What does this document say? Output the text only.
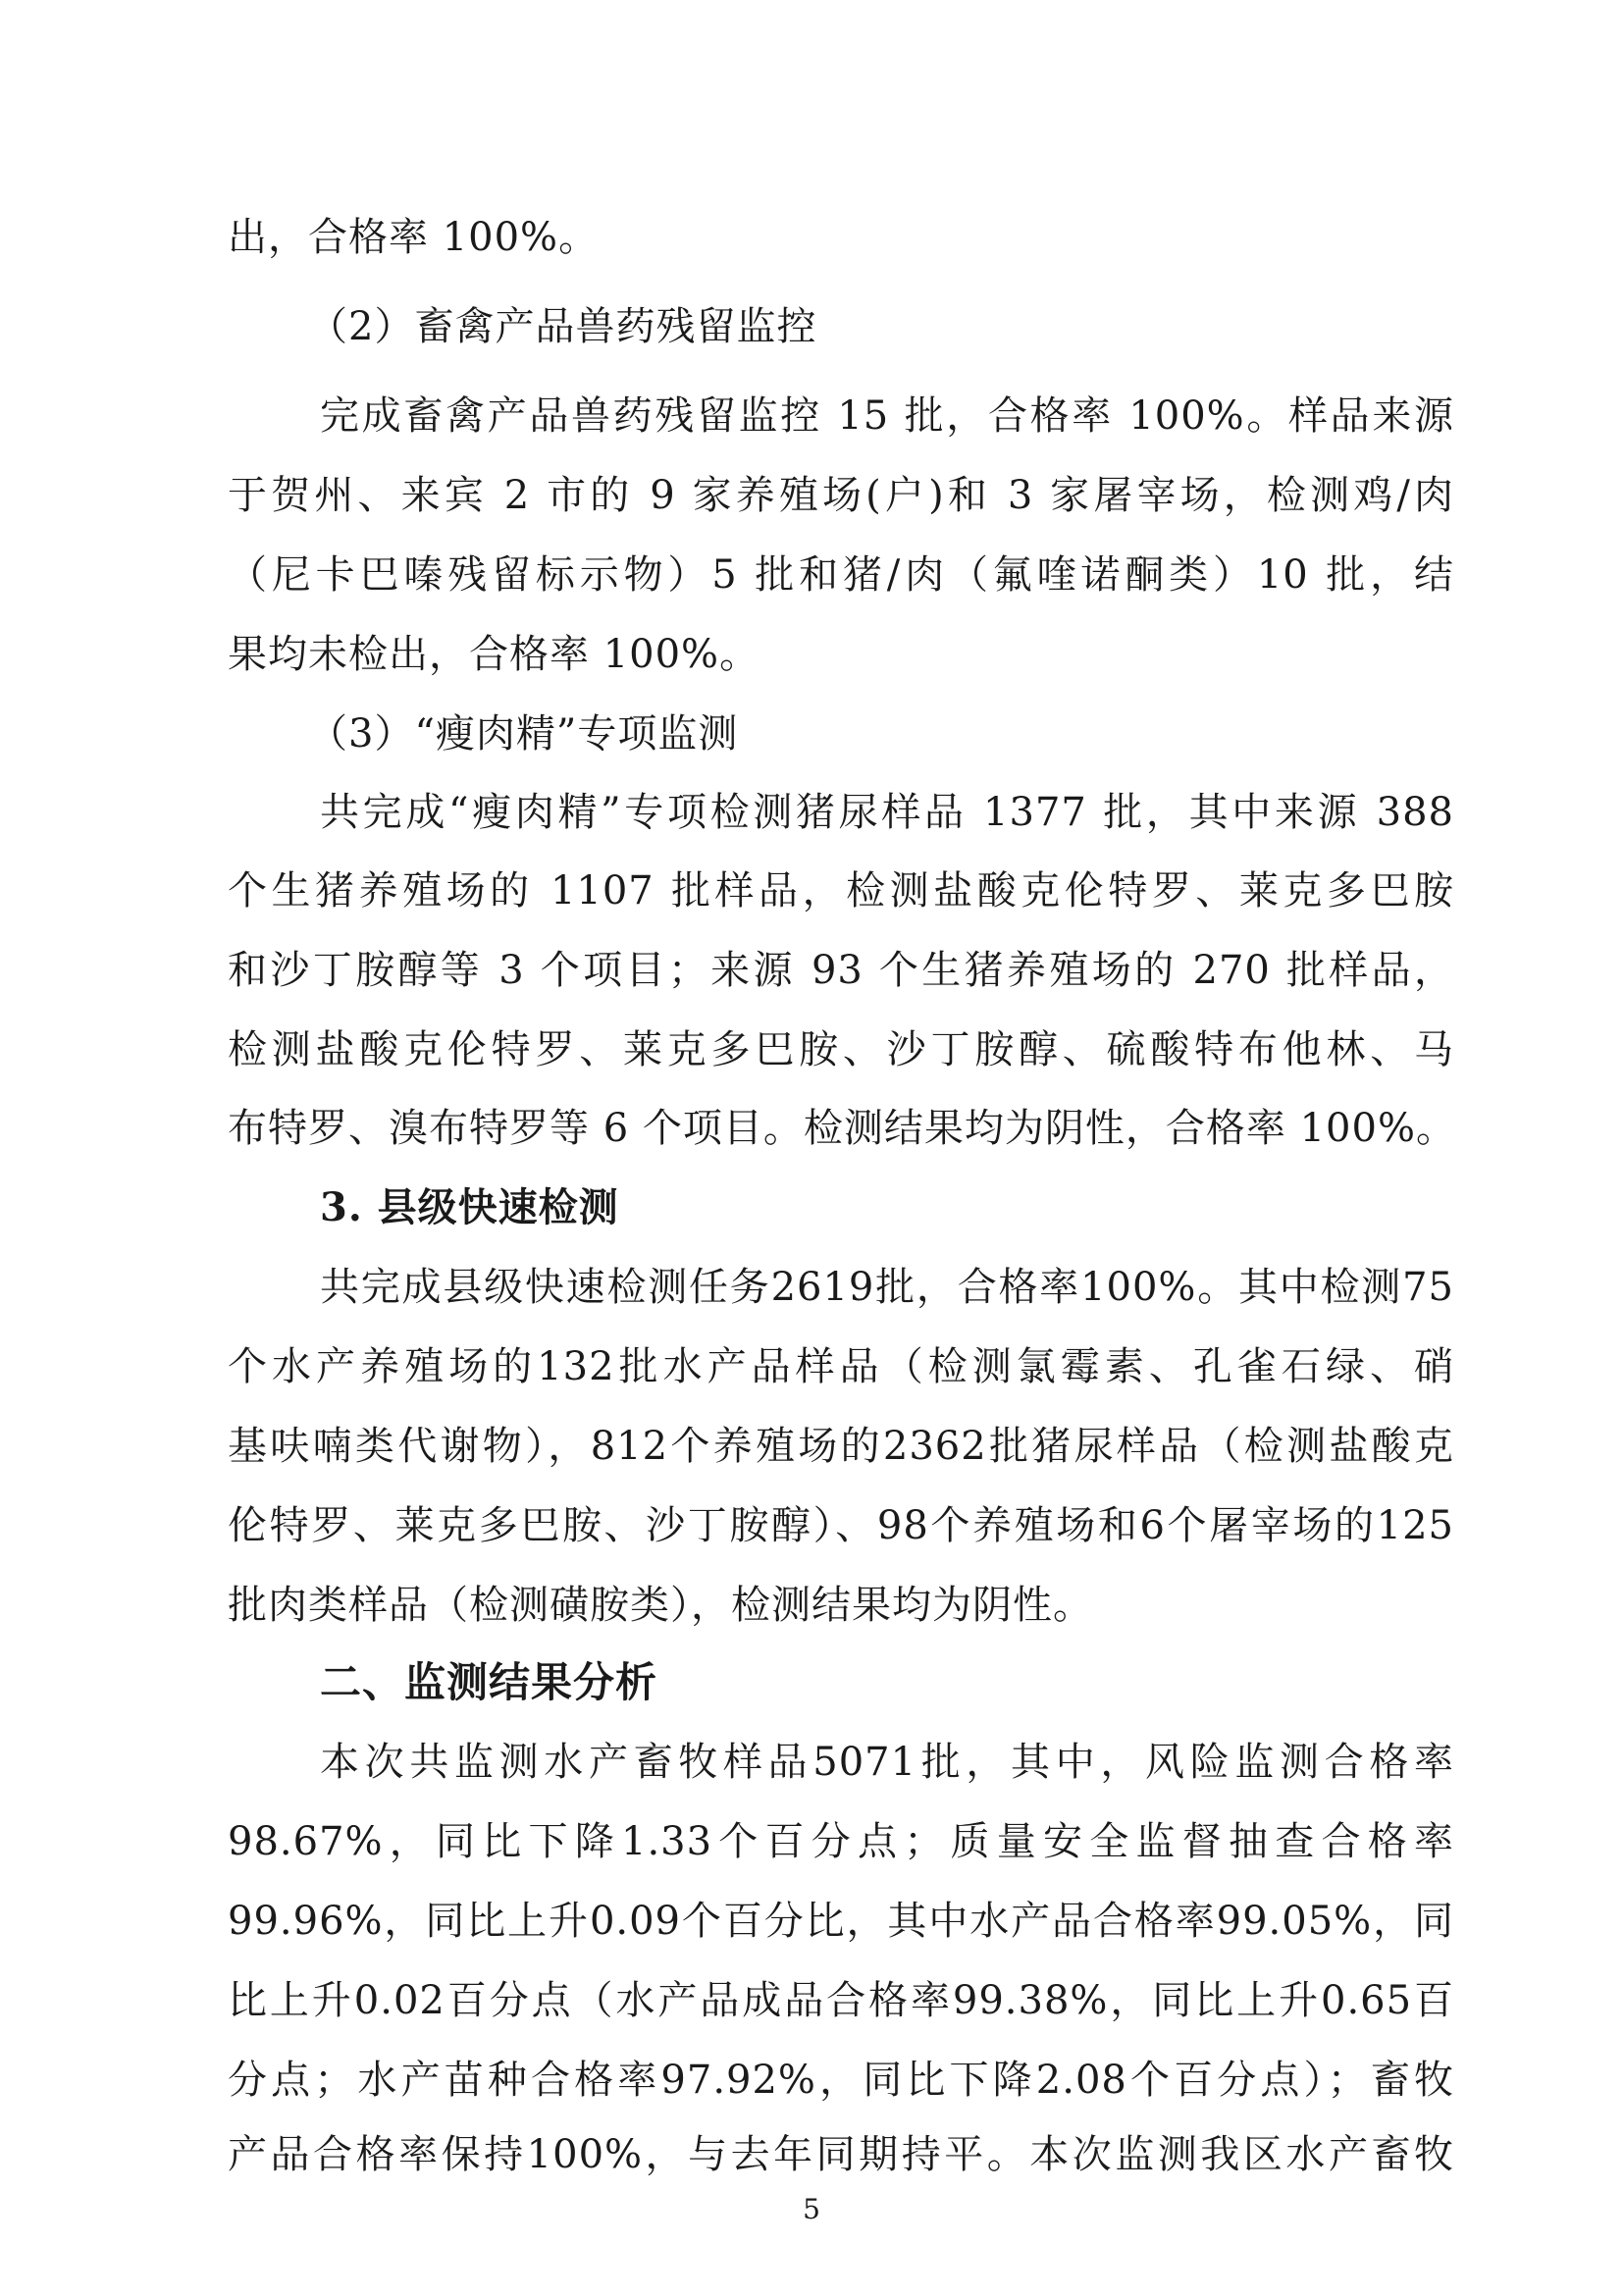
出，合格率 100%。
（2）畜禽产品兽药残留监控
完成畜禽产品兽药残留监控 15 批，合格率 100%。样品来源
于贺州、来宾 2 市的 9 家养殖场(户)和 3 家屠宰场，检测鸡/肉
（尼卡巴嗪残留标示物）5 批和猪/肉（氟喹诺酮类）10 批，结
果均未检出，合格率 100%。
（3）“瘦肉精”专项监测
共完成“瘦肉精”专项检测猪尿样品 1377 批，其中来源 388
个生猪养殖场的 1107 批样品，检测盐酸克伦特罗、莱克多巴胺
和沙丁胺醇等 3 个项目；来源 93 个生猪养殖场的 270 批样品，
检测盐酸克伦特罗、莱克多巴胺、沙丁胺醇、硫酸特布他林、马
布特罗、溴布特罗等 6 个项目。检测结果均为阴性，合格率 100%。
3. 县级快速检测
共完成县级快速检测任务2619批，合格率100%。其中检测75
个水产养殖场的132批水产品样品（检测氯霉素、孔雀石绿、硝
基呋喃类代谢物），812个养殖场的2362批猪尿样品（检测盐酸克
伦特罗、莱克多巴胺、沙丁胺醇）、98个养殖场和6个屠宰场的125
批肉类样品（检测磺胺类），检测结果均为阴性。
二、监测结果分析
本次共监测水产畜牧样品5071批，其中，风险监测合格率
98.67%，同比下降1.33个百分点；质量安全监督抽查合格率
99.96%，同比上升0.09个百分比，其中水产品合格率99.05%，同
比上升0.02百分点（水产品成品合格率99.38%，同比上升0.65百
分点；水产苗种合格率97.92%，同比下降2.08个百分点）；畜牧
产品合格率保持100%，与去年同期持平。本次监测我区水产畜牧
5
